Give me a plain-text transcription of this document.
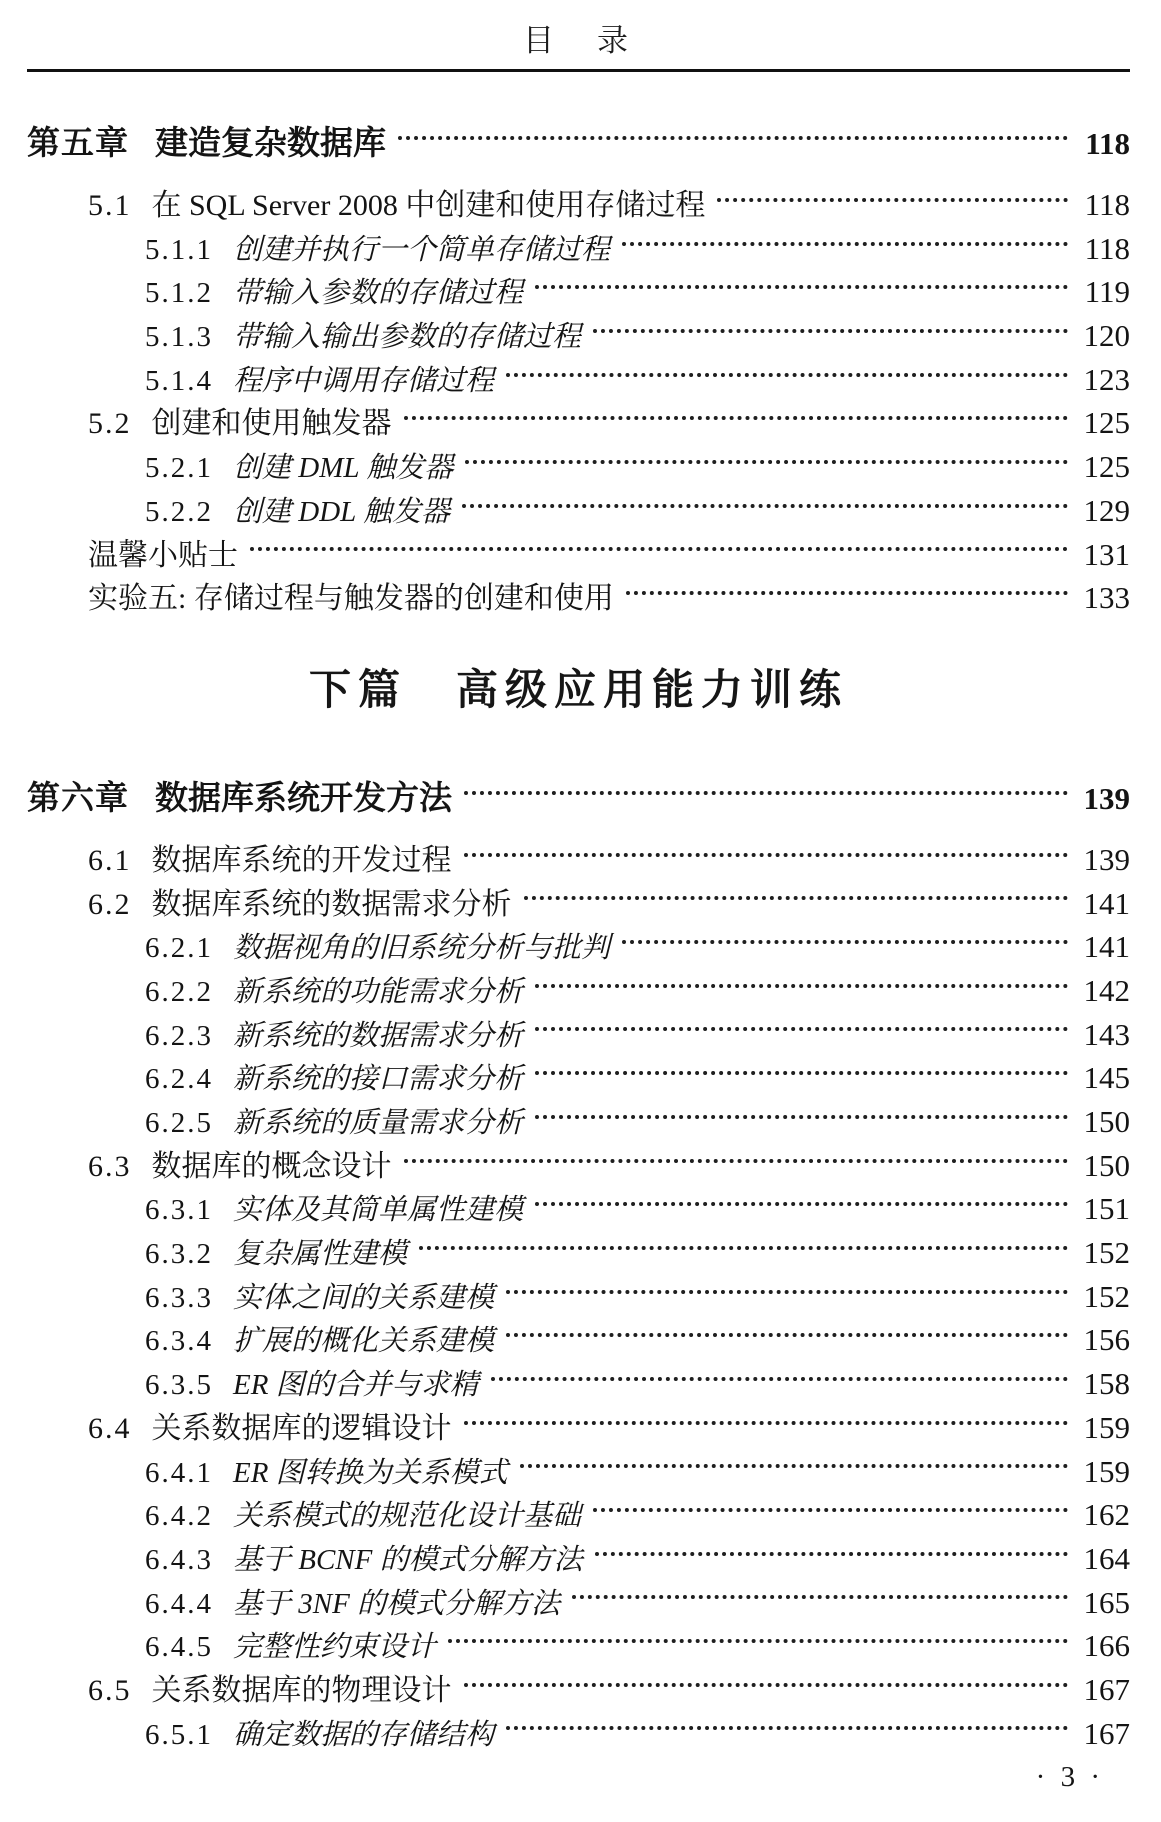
目　录
第五章 建造复杂数据库	118
5.1 在 SQL Server 2008 中创建和使用存储过程	118
5.1.1 创建并执行一个简单存储过程	118
5.1.2 带输入参数的存储过程	119
5.1.3 带输入输出参数的存储过程	120
5.1.4 程序中调用存储过程	123
5.2 创建和使用触发器	125
5.2.1 创建 DML 触发器	125
5.2.2 创建 DDL 触发器	129
温馨小贴士	131
实验五: 存储过程与触发器的创建和使用	133
下篇　高级应用能力训练
第六章 数据库系统开发方法	139
6.1 数据库系统的开发过程	139
6.2 数据库系统的数据需求分析	141
6.2.1 数据视角的旧系统分析与批判	141
6.2.2 新系统的功能需求分析	142
6.2.3 新系统的数据需求分析	143
6.2.4 新系统的接口需求分析	145
6.2.5 新系统的质量需求分析	150
6.3 数据库的概念设计	150
6.3.1 实体及其简单属性建模	151
6.3.2 复杂属性建模	152
6.3.3 实体之间的关系建模	152
6.3.4 扩展的概化关系建模	156
6.3.5 ER 图的合并与求精	158
6.4 关系数据库的逻辑设计	159
6.4.1 ER 图转换为关系模式	159
6.4.2 关系模式的规范化设计基础	162
6.4.3 基于 BCNF 的模式分解方法	164
6.4.4 基于 3NF 的模式分解方法	165
6.4.5 完整性约束设计	166
6.5 关系数据库的物理设计	167
6.5.1 确定数据的存储结构	167
· 3 ·
